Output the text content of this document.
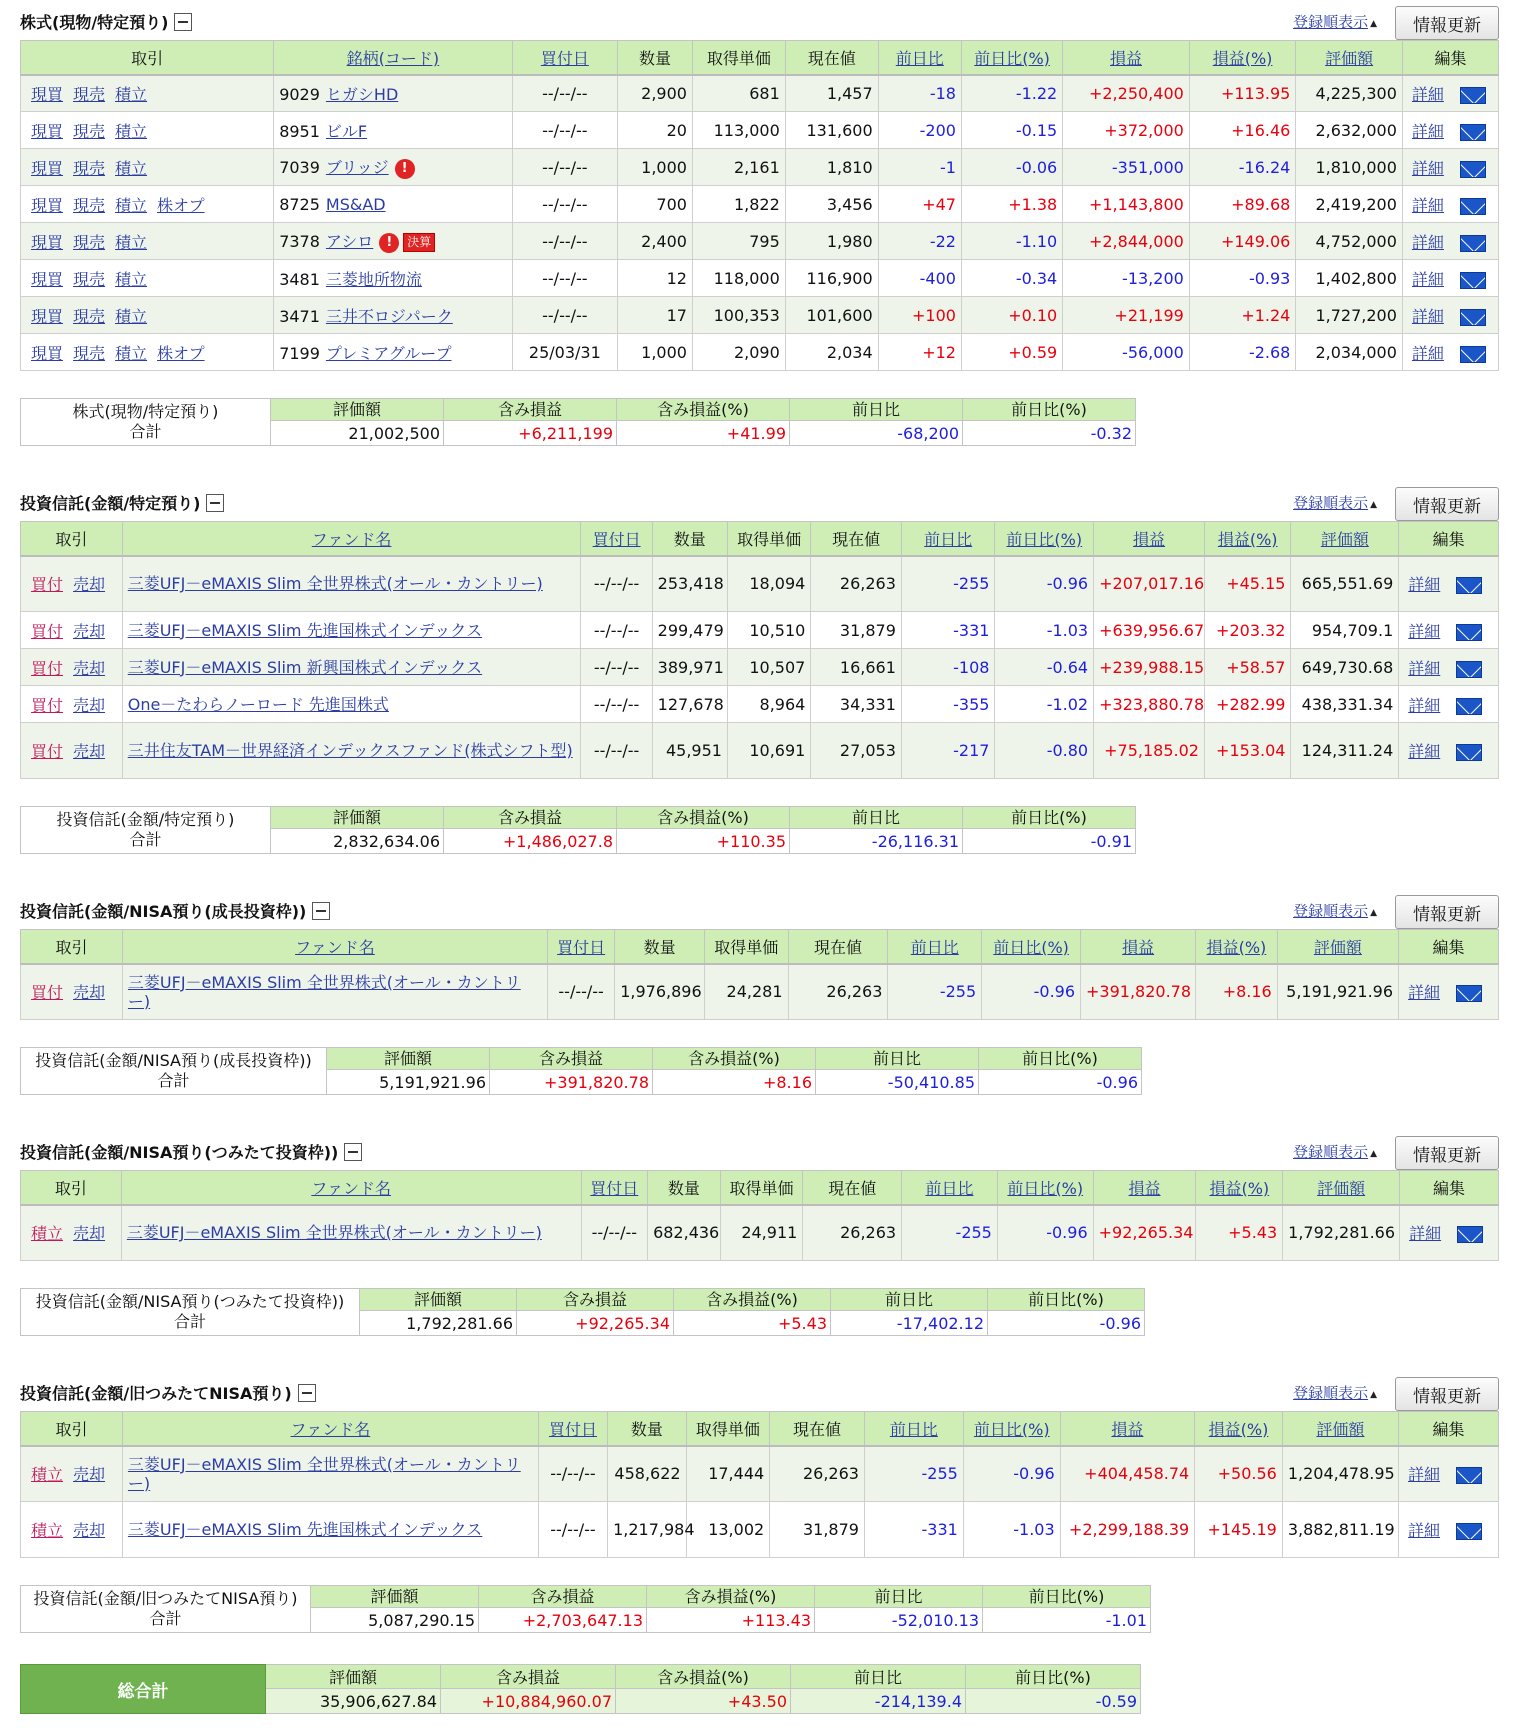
株式(現物/特定預り)	登録順表示 ▲	情報更新
取引	銘柄(コード)	買付日	数量	取得単価	現在値	前日比	前日比(%)	損益	損益(%)	評価額	編集
現買 現売 積立	9029 ヒガシHD	--/--/--	2,900	681	1,457	-18	-1.22	+2,250,400	+113.95	4,225,300	詳細
現買 現売 積立	8951 ビルF	--/--/--	20	113,000	131,600	-200	-0.15	+372,000	+16.46	2,632,000	詳細
現買 現売 積立	7039 ブリッジ !	--/--/--	1,000	2,161	1,810	-1	-0.06	-351,000	-16.24	1,810,000	詳細
現買 現売 積立 株オプ	8725 MS&AD	--/--/--	700	1,822	3,456	+47	+1.38	+1,143,800	+89.68	2,419,200	詳細
現買 現売 積立	7378 アシロ ! 決算	--/--/--	2,400	795	1,980	-22	-1.10	+2,844,000	+149.06	4,752,000	詳細
現買 現売 積立	3481 三菱地所物流	--/--/--	12	118,000	116,900	-400	-0.34	-13,200	-0.93	1,402,800	詳細
現買 現売 積立	3471 三井不ロジパーク	--/--/--	17	100,353	101,600	+100	+0.10	+21,199	+1.24	1,727,200	詳細
現買 現売 積立 株オプ	7199 プレミアグループ	25/03/31	1,000	2,090	2,034	+12	+0.59	-56,000	-2.68	2,034,000	詳細
株式(現物/特定預り)
合計	評価額	含み損益	含み損益(%)	前日比	前日比(%)
	21,002,500	+6,211,199	+41.99	-68,200	-0.32
投資信託(金額/特定預り)	登録順表示 ▲	情報更新
取引	ファンド名	買付日	数量	取得単価	現在値	前日比	前日比(%)	損益	損益(%)	評価額	編集
買付 売却	三菱UFJ－eMAXIS Slim 全世界株式(オール・カントリー)	--/--/--	253,418	18,094	26,263	-255	-0.96	+207,017.16	+45.15	665,551.69	詳細
買付 売却	三菱UFJ－eMAXIS Slim 先進国株式インデックス	--/--/--	299,479	10,510	31,879	-331	-1.03	+639,956.67	+203.32	954,709.1	詳細
買付 売却	三菱UFJ－eMAXIS Slim 新興国株式インデックス	--/--/--	389,971	10,507	16,661	-108	-0.64	+239,988.15	+58.57	649,730.68	詳細
買付 売却	One－たわらノーロード 先進国株式	--/--/--	127,678	8,964	34,331	-355	-1.02	+323,880.78	+282.99	438,331.34	詳細
買付 売却	三井住友TAM－世界経済インデックスファンド(株式シフト型)	--/--/--	45,951	10,691	27,053	-217	-0.80	+75,185.02	+153.04	124,311.24	詳細
投資信託(金額/特定預り)
合計	評価額	含み損益	含み損益(%)	前日比	前日比(%)
	2,832,634.06	+1,486,027.8	+110.35	-26,116.31	-0.91
投資信託(金額/NISA預り(成長投資枠))	登録順表示 ▲	情報更新
取引	ファンド名	買付日	数量	取得単価	現在値	前日比	前日比(%)	損益	損益(%)	評価額	編集
買付 売却	三菱UFJ－eMAXIS Slim 全世界株式(オール・カントリー)	--/--/--	1,976,896	24,281	26,263	-255	-0.96	+391,820.78	+8.16	5,191,921.96	詳細
投資信託(金額/NISA預り(成長投資枠))
合計	評価額	含み損益	含み損益(%)	前日比	前日比(%)
	5,191,921.96	+391,820.78	+8.16	-50,410.85	-0.96
投資信託(金額/NISA預り(つみたて投資枠))	登録順表示 ▲	情報更新
取引	ファンド名	買付日	数量	取得単価	現在値	前日比	前日比(%)	損益	損益(%)	評価額	編集
積立 売却	三菱UFJ－eMAXIS Slim 全世界株式(オール・カントリー)	--/--/--	682,436	24,911	26,263	-255	-0.96	+92,265.34	+5.43	1,792,281.66	詳細
投資信託(金額/NISA預り(つみたて投資枠))
合計	評価額	含み損益	含み損益(%)	前日比	前日比(%)
	1,792,281.66	+92,265.34	+5.43	-17,402.12	-0.96
投資信託(金額/旧つみたてNISA預り)	登録順表示 ▲	情報更新
取引	ファンド名	買付日	数量	取得単価	現在値	前日比	前日比(%)	損益	損益(%)	評価額	編集
積立 売却	三菱UFJ－eMAXIS Slim 全世界株式(オール・カントリー)	--/--/--	458,622	17,444	26,263	-255	-0.96	+404,458.74	+50.56	1,204,478.95	詳細
積立 売却	三菱UFJ－eMAXIS Slim 先進国株式インデックス	--/--/--	1,217,984	13,002	31,879	-331	-1.03	+2,299,188.39	+145.19	3,882,811.19	詳細
投資信託(金額/旧つみたてNISA預り)
合計	評価額	含み損益	含み損益(%)	前日比	前日比(%)
	5,087,290.15	+2,703,647.13	+113.43	-52,010.13	-1.01
総合計	評価額	含み損益	含み損益(%)	前日比	前日比(%)
	35,906,627.84	+10,884,960.07	+43.50	-214,139.4	-0.59
